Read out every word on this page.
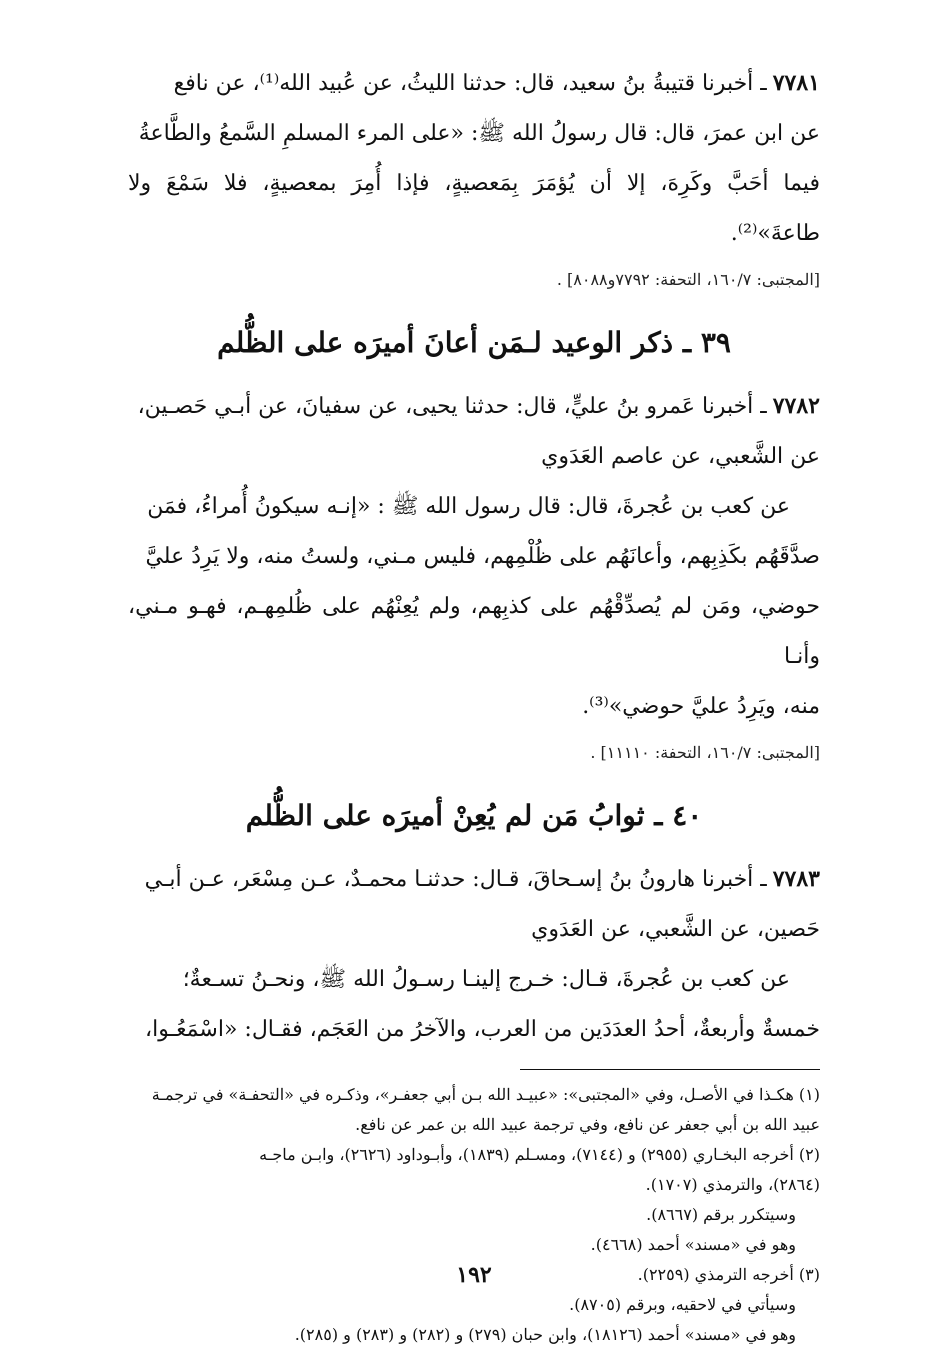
٧٧٨١ـ أخبرنا قتيبةُ بنُ سعيد، قال: حدثنا الليثُ، عن عُبيد الله⁽¹⁾، عن نافع

عن ابن عمرَ، قال: قال رسولُ الله ﷺ: «على المرء المسلمِ السَّمعُ والطَّاعةُ

فيما أحَبَّ وكَرِهَ، إلا أن يُؤمَرَ بِمَعصيةٍ، فإذا أُمِرَ بمعصيةٍ، فلا سَمْعَ ولا طاعةَ»⁽²⁾.

[المجتبى: ١٦٠/٧، التحفة: ٧٧٩٢و٨٠٨٨] .

٣٩ ـ ذكر الوعيد لـمَن أعانَ أميرَه على الظُّلم

٧٧٨٢ـ أخبرنا عَمرو بنُ عليٍّ، قال: حدثنا يحيى، عن سفيانَ، عن أبـي حَصـين،

عن الشَّعبي، عن عاصم العَدَوي

عن كعب بن عُجرةَ، قال: قال رسول الله ﷺ : «إنـه سيكونُ أُمراءُ، فمَن

صدَّقَهُم بكَذِبِهم، وأعانَهُم على ظُلْمِهم، فليس مـني، ولستُ منه، ولا يَرِدُ عليَّ

حوضي، ومَن لم يُصدِّقْهُم على كذبِهم، ولم يُعِنْهُم على ظُلمِهـم، فهـو مـني، وأنـا

منه، ويَرِدُ عليَّ حوضي»⁽³⁾.

[المجتبى: ١٦٠/٧، التحفة: ١١١١٠] .

٤٠ ـ ثوابُ مَن لم يُعِنْ أميرَه على الظُّلم

٧٧٨٣ـ أخبرنا هارونُ بنُ إسـحاقَ، قـال: حدثنـا محمـدٌ، عـن مِسْعَر، عـن أبـي

حَصين، عن الشَّعبي، عن العَدَوي

عن كعب بن عُجرةَ، قـال: خـرج إلينـا رسـولُ الله ﷺ، ونحـنُ تسـعةٌ؛

خمسةٌ وأربعةٌ، أحدُ العدَدَين من العرب، والآخرُ من العَجَم، فقـال: «اسْمَعُـوا،

(١) هكـذا في الأصـل، وفي «المجتبى»: «عبيـد الله بـن أبي جعفـر»، وذكـره في «التحفـة» في ترجمـة

عبيد الله بن أبي جعفر عن نافع، وفي ترجمة عبيد الله بن عمر عن نافع.

(٢) أخرجه البخـاري (٢٩٥٥) و (٧١٤٤)، ومسـلم (١٨٣٩)، وأبـوداود (٢٦٢٦)، وابـن ماجـه

(٢٨٦٤)، والترمذي (١٧٠٧).

وسيتكرر برقم (٨٦٦٧).

وهو في «مسند» أحمد (٤٦٦٨).

(٣) أخرجه الترمذي (٢٢٥٩).

وسيأتي في لاحقيه، وبرقم (٨٧٠٥).

وهو في «مسند» أحمد (١٨١٢٦)، وابن حبان (٢٧٩) و (٢٨٢) و (٢٨٣) و (٢٨٥).

١٩٢
